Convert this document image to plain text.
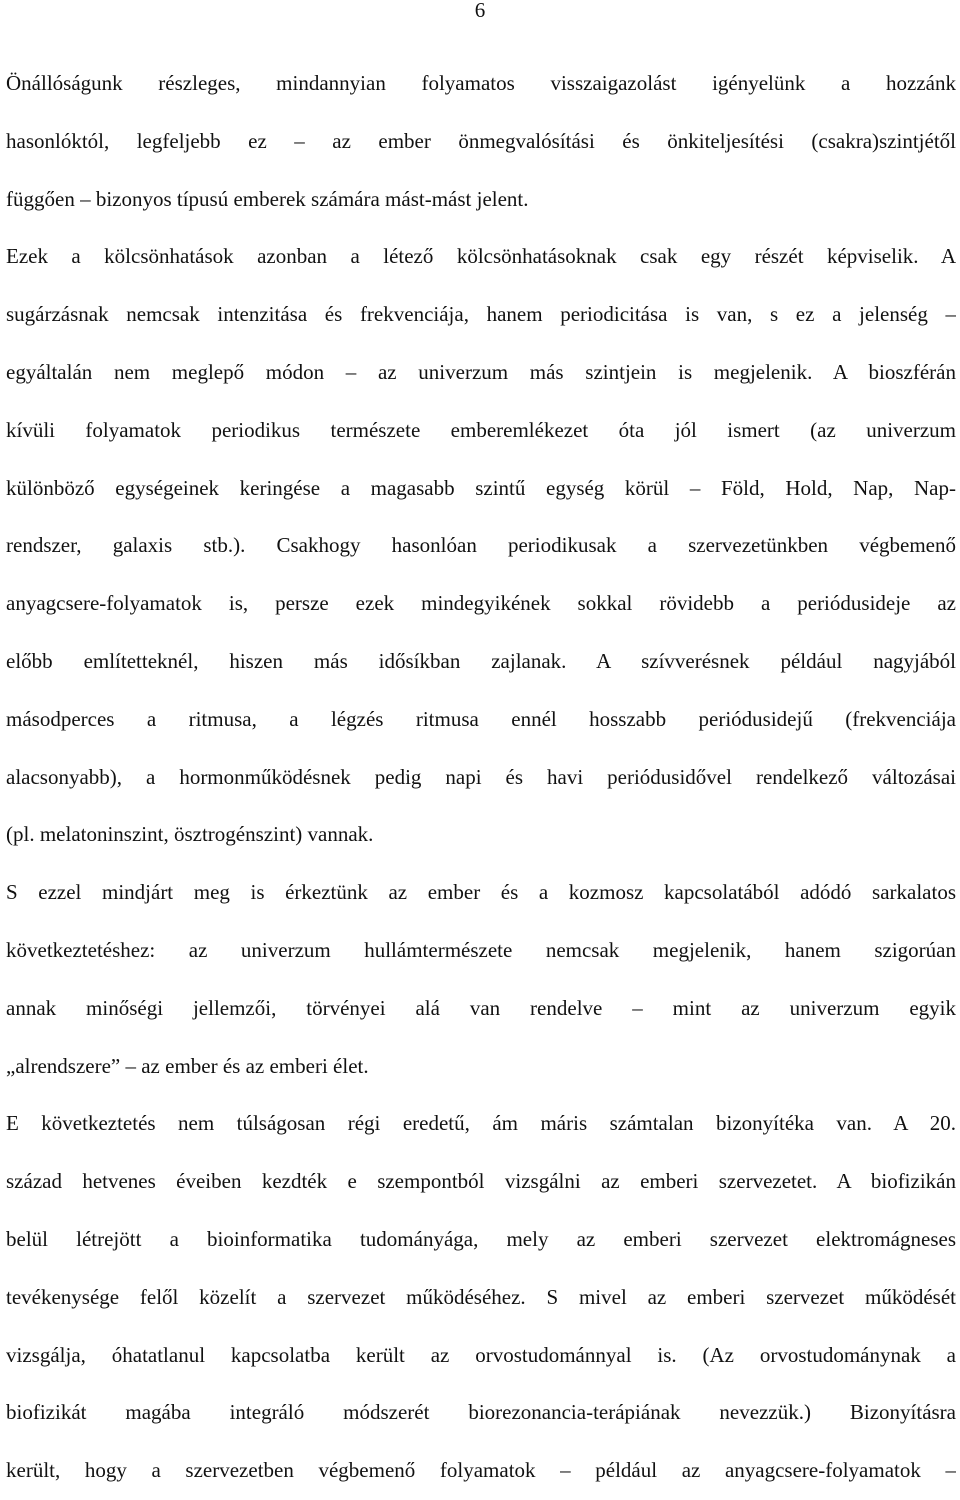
6

Önállóságunk részleges, mindannyian folyamatos visszaigazolást igényelünk a hozzánk
hasonlóktól, legfeljebb ez – az ember önmegvalósítási és önkiteljesítési (csakra)szintjétől
függően – bizonyos típusú emberek számára mást-mást jelent.

Ezek a kölcsönhatások azonban a létező kölcsönhatásoknak csak egy részét képviselik. A
sugárzásnak nemcsak intenzitása és frekvenciája, hanem periodicitása is van, s ez a jelenség –
egyáltalán nem meglepő módon – az univerzum más szintjein is megjelenik. A bioszférán
kívüli folyamatok periodikus természete emberemlékezet óta jól ismert (az univerzum
különböző egységeinek keringése a magasabb szintű egység körül – Föld, Hold, Nap, Nap-
rendszer, galaxis stb.). Csakhogy hasonlóan periodikusak a szervezetünkben végbemenő
anyagcsere-folyamatok is, persze ezek mindegyikének sokkal rövidebb a periódusideje az
előbb említetteknél, hiszen más idősíkban zajlanak. A szívverésnek például nagyjából
másodperces a ritmusa, a légzés ritmusa ennél hosszabb periódusidejű (frekvenciája
alacsonyabb), a hormonműködésnek pedig napi és havi periódusidővel rendelkező változásai
(pl. melatoninszint, ösztrogénszint) vannak.

S ezzel mindjárt meg is érkeztünk az ember és a kozmosz kapcsolatából adódó sarkalatos
következtetéshez: az univerzum hullámtermészete nemcsak megjelenik, hanem szigorúan
annak minőségi jellemzői, törvényei alá van rendelve – mint az univerzum egyik
„alrendszere” – az ember és az emberi élet.

E következtetés nem túlságosan régi eredetű, ám máris számtalan bizonyítéka van. A 20.
század hetvenes éveiben kezdték e szempontból vizsgálni az emberi szervezetet. A biofizikán
belül létrejött a bioinformatika tudományága, mely az emberi szervezet elektromágneses
tevékenysége felől közelít a szervezet működéséhez. S mivel az emberi szervezet működését
vizsgálja, óhatatlanul kapcsolatba került az orvostudománnyal is. (Az orvostudománynak a
biofizikát magába integráló módszerét biorezonancia-terápiának nevezzük.) Bizonyításra
került, hogy a szervezetben végbemenő folyamatok – például az anyagcsere-folyamatok –
